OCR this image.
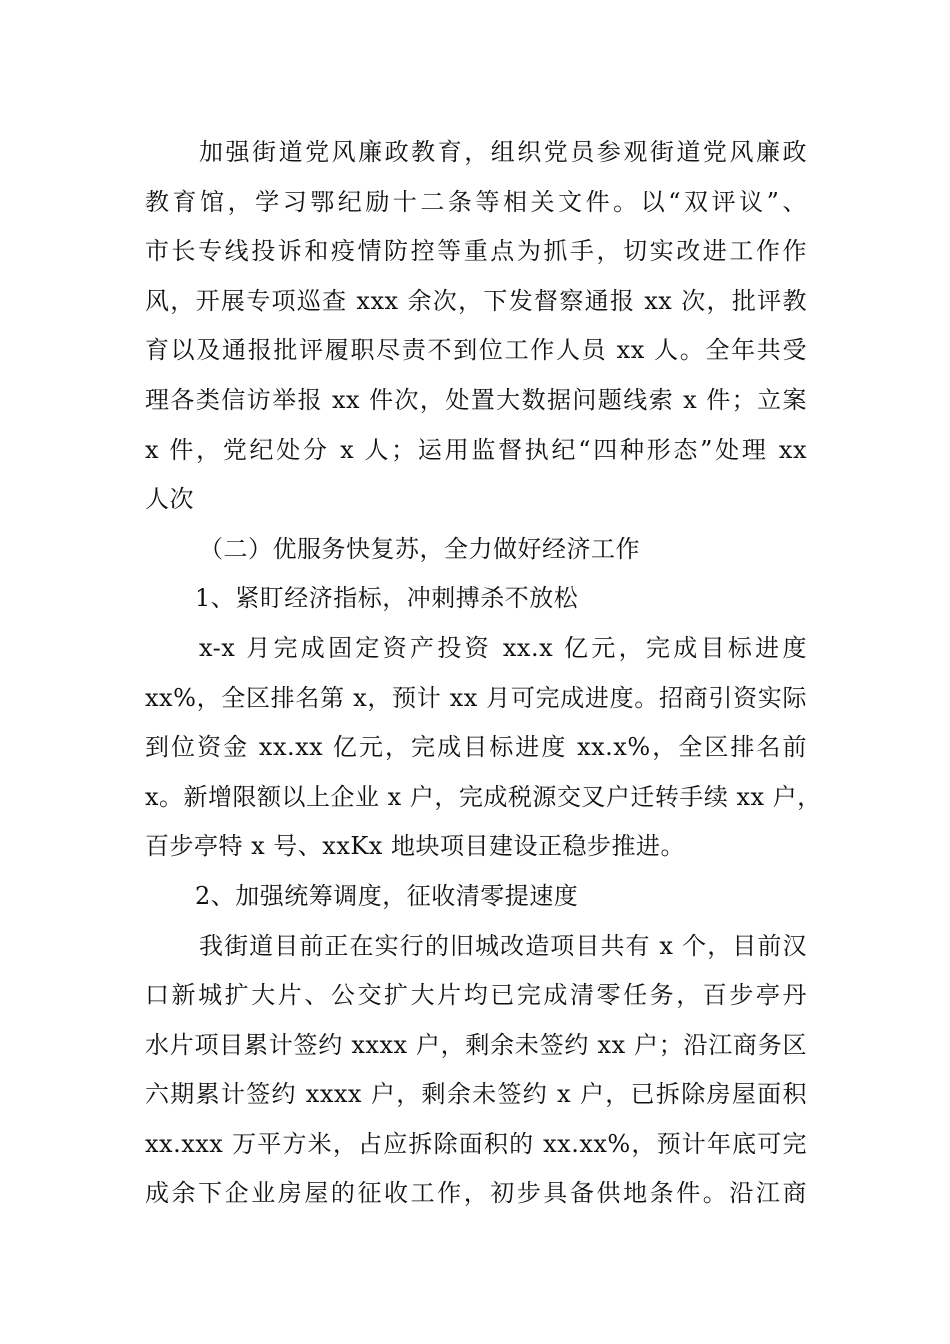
加强街道党风廉政教育，组织党员参观街道党风廉政
教育馆，学习鄂纪励十二条等相关文件。以“双评议”、
市长专线投诉和疫情防控等重点为抓手，切实改进工作作
风，开展专项巡查 xxx 余次，下发督察通报 xx 次，批评教
育以及通报批评履职尽责不到位工作人员 xx 人。全年共受
理各类信访举报 xx 件次，处置大数据问题线索 x 件；立案
x 件，党纪处分 x 人；运用监督执纪“四种形态”处理 xx
人次
（二）优服务快复苏，全力做好经济工作
1、紧盯经济指标，冲刺搏杀不放松
x-x 月完成固定资产投资 xx.x 亿元，完成目标进度
xx%，全区排名第 x，预计 xx 月可完成进度。招商引资实际
到位资金 xx.xx 亿元，完成目标进度 xx.x%，全区排名前
x。新增限额以上企业 x 户，完成税源交叉户迁转手续 xx 户，
百步亭特 x 号、xxKx 地块项目建设正稳步推进。
2、加强统筹调度，征收清零提速度
我街道目前正在实行的旧城改造项目共有 x 个，目前汉
口新城扩大片、公交扩大片均已完成清零任务，百步亭丹
水片项目累计签约 xxxx 户，剩余未签约 xx 户；沿江商务区
六期累计签约 xxxx 户，剩余未签约 x 户，已拆除房屋面积
xx.xxx 万平方米，占应拆除面积的 xx.xx%，预计年底可完
成余下企业房屋的征收工作，初步具备供地条件。沿江商
